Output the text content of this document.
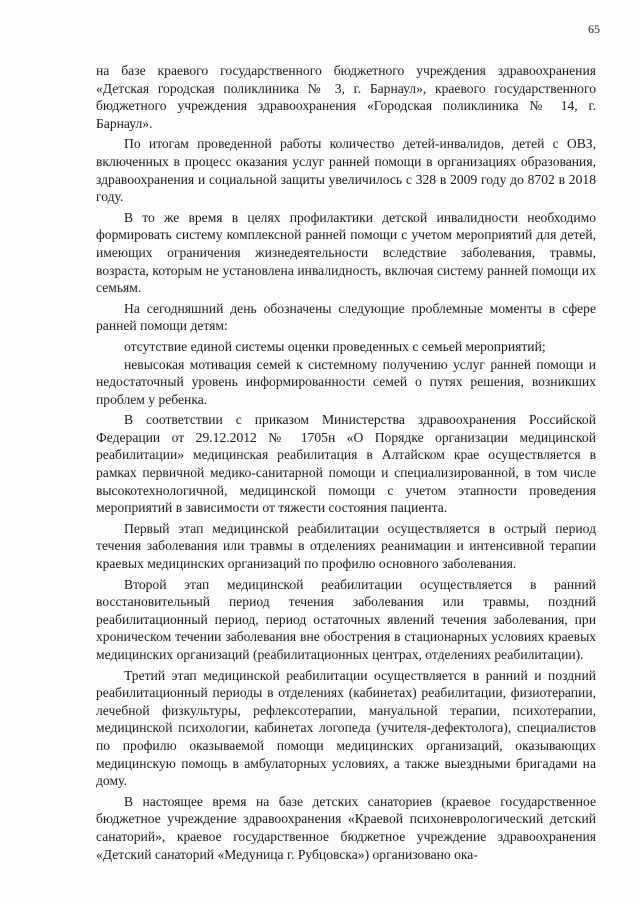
65

на базе краевого государственного бюджетного учреждения здравоохранения «Детская городская поликлиника № 3, г. Барнаул», краевого государственного бюджетного учреждения здравоохранения «Городская поликлиника № 14, г. Барнаул».

По итогам проведенной работы количество детей-инвалидов, детей с ОВЗ, включенных в процесс оказания услуг ранней помощи в организациях образования, здравоохранения и социальной защиты увеличилось с 328 в 2009 году до 8702 в 2018 году.

В то же время в целях профилактики детской инвалидности необходимо формировать систему комплексной ранней помощи с учетом мероприятий для детей, имеющих ограничения жизнедеятельности вследствие заболевания, травмы, возраста, которым не установлена инвалидность, включая систему ранней помощи их семьям.

На сегодняшний день обозначены следующие проблемные моменты в сфере ранней помощи детям:

отсутствие единой системы оценки проведенных с семьей мероприятий;

невысокая мотивация семей к системному получению услуг ранней помощи и недостаточный уровень информированности семей о путях решения, возникших проблем у ребенка.

В соответствии с приказом Министерства здравоохранения Российской Федерации от 29.12.2012 № 1705н «О Порядке организации медицинской реабилитации» медицинская реабилитация в Алтайском крае осуществляется в рамках первичной медико-санитарной помощи и специализированной, в том числе высокотехнологичной, медицинской помощи с учетом этапности проведения мероприятий в зависимости от тяжести состояния пациента.

Первый этап медицинской реабилитации осуществляется в острый период течения заболевания или травмы в отделениях реанимации и интенсивной терапии краевых медицинских организаций по профилю основного заболевания.

Второй этап медицинской реабилитации осуществляется в ранний восстановительный период течения заболевания или травмы, поздний реабилитационный период, период остаточных явлений течения заболевания, при хроническом течении заболевания вне обострения в стационарных условиях краевых медицинских организаций (реабилитационных центрах, отделениях реабилитации).

Третий этап медицинской реабилитации осуществляется в ранний и поздний реабилитационный периоды в отделениях (кабинетах) реабилитации, физиотерапии, лечебной физкультуры, рефлексотерапии, мануальной терапии, психотерапии, медицинской психологии, кабинетах логопеда (учителя-дефектолога), специалистов по профилю оказываемой помощи медицинских организаций, оказывающих медицинскую помощь в амбулаторных условиях, а также выездными бригадами на дому.

В настоящее время на базе детских санаториев (краевое государственное бюджетное учреждение здравоохранения «Краевой психоневрологический детский санаторий», краевое государственное бюджетное учреждение здравоохранения «Детский санаторий «Медуница г. Рубцовска») организовано ока-
